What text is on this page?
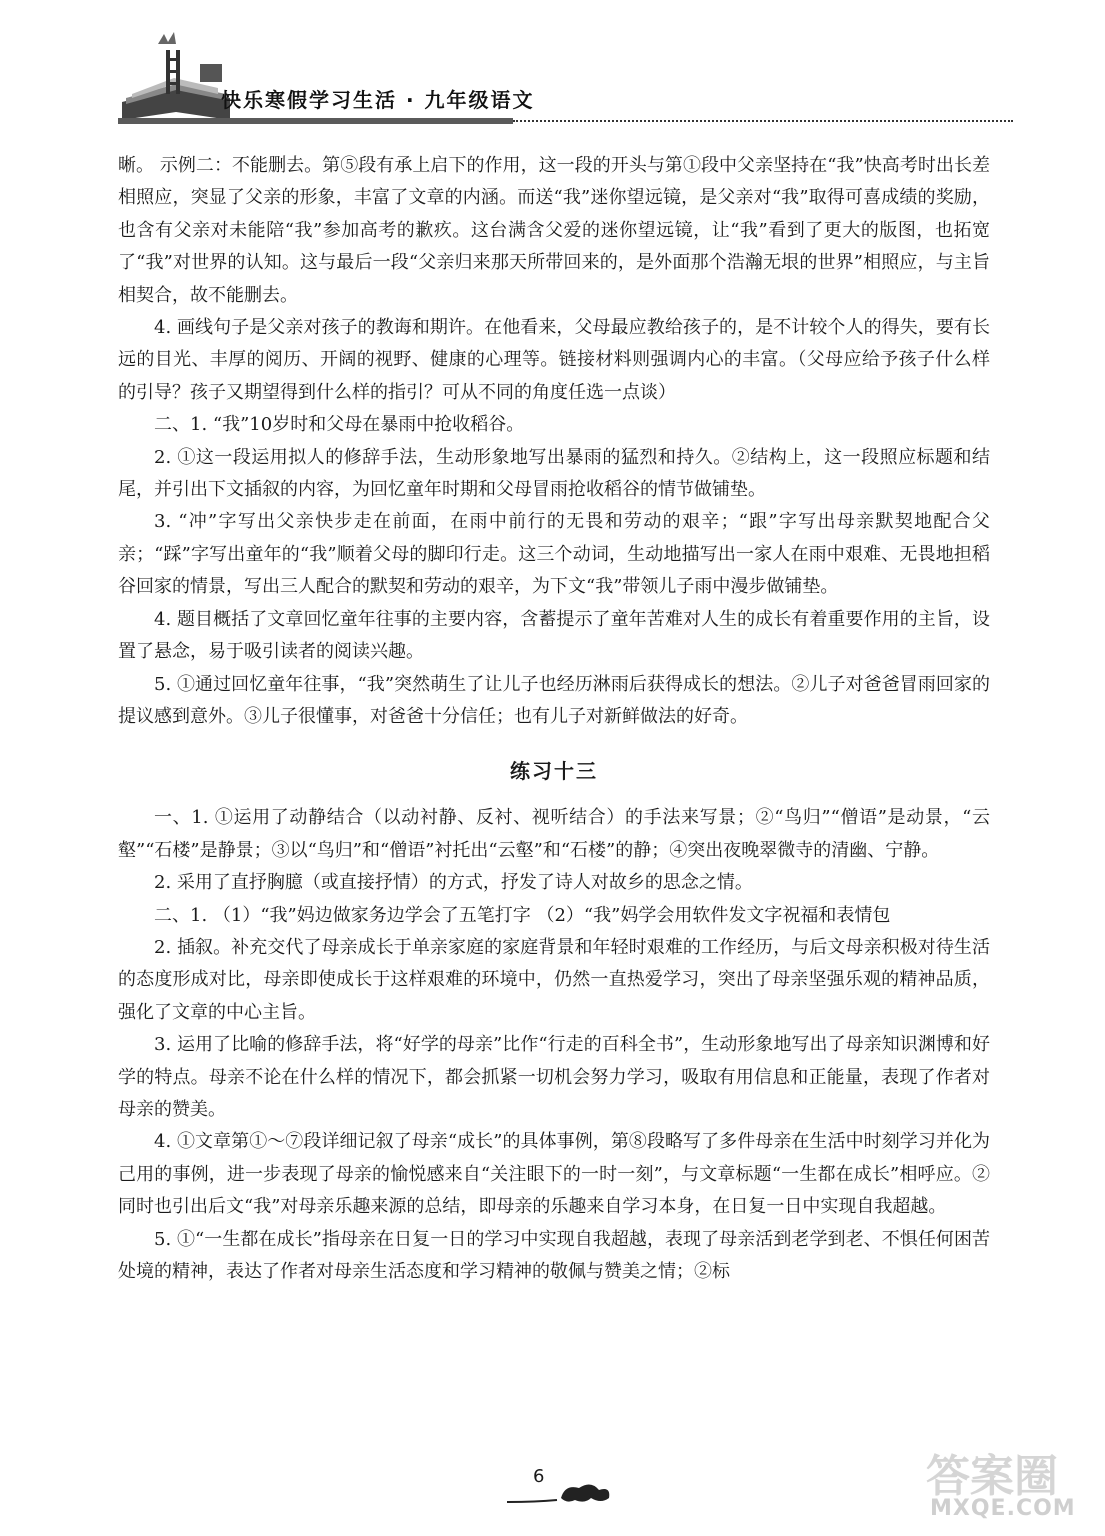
快乐寒假学习生活 · 九年级语文

晰。 示例二：不能删去。第⑤段有承上启下的作用，这一段的开头与第①段中父亲坚持在“我”快高考时出长差相照应，突显了父亲的形象，丰富了文章的内涵。而送“我”迷你望远镜，是父亲对“我”取得可喜成绩的奖励，也含有父亲对未能陪“我”参加高考的歉疚。这台满含父爱的迷你望远镜，让“我”看到了更大的版图，也拓宽了“我”对世界的认知。这与最后一段“父亲归来那天所带回来的，是外面那个浩瀚无垠的世界”相照应，与主旨相契合，故不能删去。

4. 画线句子是父亲对孩子的教诲和期许。在他看来，父母最应教给孩子的，是不计较个人的得失，要有长远的目光、丰厚的阅历、开阔的视野、健康的心理等。链接材料则强调内心的丰富。（父母应给予孩子什么样的引导？孩子又期望得到什么样的指引？可从不同的角度任选一点谈）

二、1. “我”10岁时和父母在暴雨中抢收稻谷。

2. ①这一段运用拟人的修辞手法，生动形象地写出暴雨的猛烈和持久。②结构上，这一段照应标题和结尾，并引出下文插叙的内容，为回忆童年时期和父母冒雨抢收稻谷的情节做铺垫。

3. “冲”字写出父亲快步走在前面，在雨中前行的无畏和劳动的艰辛；“跟”字写出母亲默契地配合父亲；“踩”字写出童年的“我”顺着父母的脚印行走。这三个动词，生动地描写出一家人在雨中艰难、无畏地担稻谷回家的情景，写出三人配合的默契和劳动的艰辛，为下文“我”带领儿子雨中漫步做铺垫。

4. 题目概括了文章回忆童年往事的主要内容，含蓄提示了童年苦难对人生的成长有着重要作用的主旨，设置了悬念，易于吸引读者的阅读兴趣。

5. ①通过回忆童年往事，“我”突然萌生了让儿子也经历淋雨后获得成长的想法。②儿子对爸爸冒雨回家的提议感到意外。③儿子很懂事，对爸爸十分信任；也有儿子对新鲜做法的好奇。

练习十三

一、1. ①运用了动静结合（以动衬静、反衬、视听结合）的手法来写景；②“鸟归”“僧语”是动景，“云壑”“石楼”是静景；③以“鸟归”和“僧语”衬托出“云壑”和“石楼”的静；④突出夜晚翠微寺的清幽、宁静。

2. 采用了直抒胸臆（或直接抒情）的方式，抒发了诗人对故乡的思念之情。

二、1. （1）“我”妈边做家务边学会了五笔打字 （2）“我”妈学会用软件发文字祝福和表情包

2. 插叙。补充交代了母亲成长于单亲家庭的家庭背景和年轻时艰难的工作经历，与后文母亲积极对待生活的态度形成对比，母亲即使成长于这样艰难的环境中，仍然一直热爱学习，突出了母亲坚强乐观的精神品质，强化了文章的中心主旨。

3. 运用了比喻的修辞手法，将“好学的母亲”比作“行走的百科全书”，生动形象地写出了母亲知识渊博和好学的特点。母亲不论在什么样的情况下，都会抓紧一切机会努力学习，吸取有用信息和正能量，表现了作者对母亲的赞美。

4. ①文章第①～⑦段详细记叙了母亲“成长”的具体事例，第⑧段略写了多件母亲在生活中时刻学习并化为己用的事例，进一步表现了母亲的愉悦感来自“关注眼下的一时一刻”，与文章标题“一生都在成长”相呼应。②同时也引出后文“我”对母亲乐趣来源的总结，即母亲的乐趣来自学习本身，在日复一日中实现自我超越。

5. ①“一生都在成长”指母亲在日复一日的学习中实现自我超越，表现了母亲活到老学到老、不惧任何困苦处境的精神，表达了作者对母亲生活态度和学习精神的敬佩与赞美之情；②标

6	答案圈
MXQE.COM
